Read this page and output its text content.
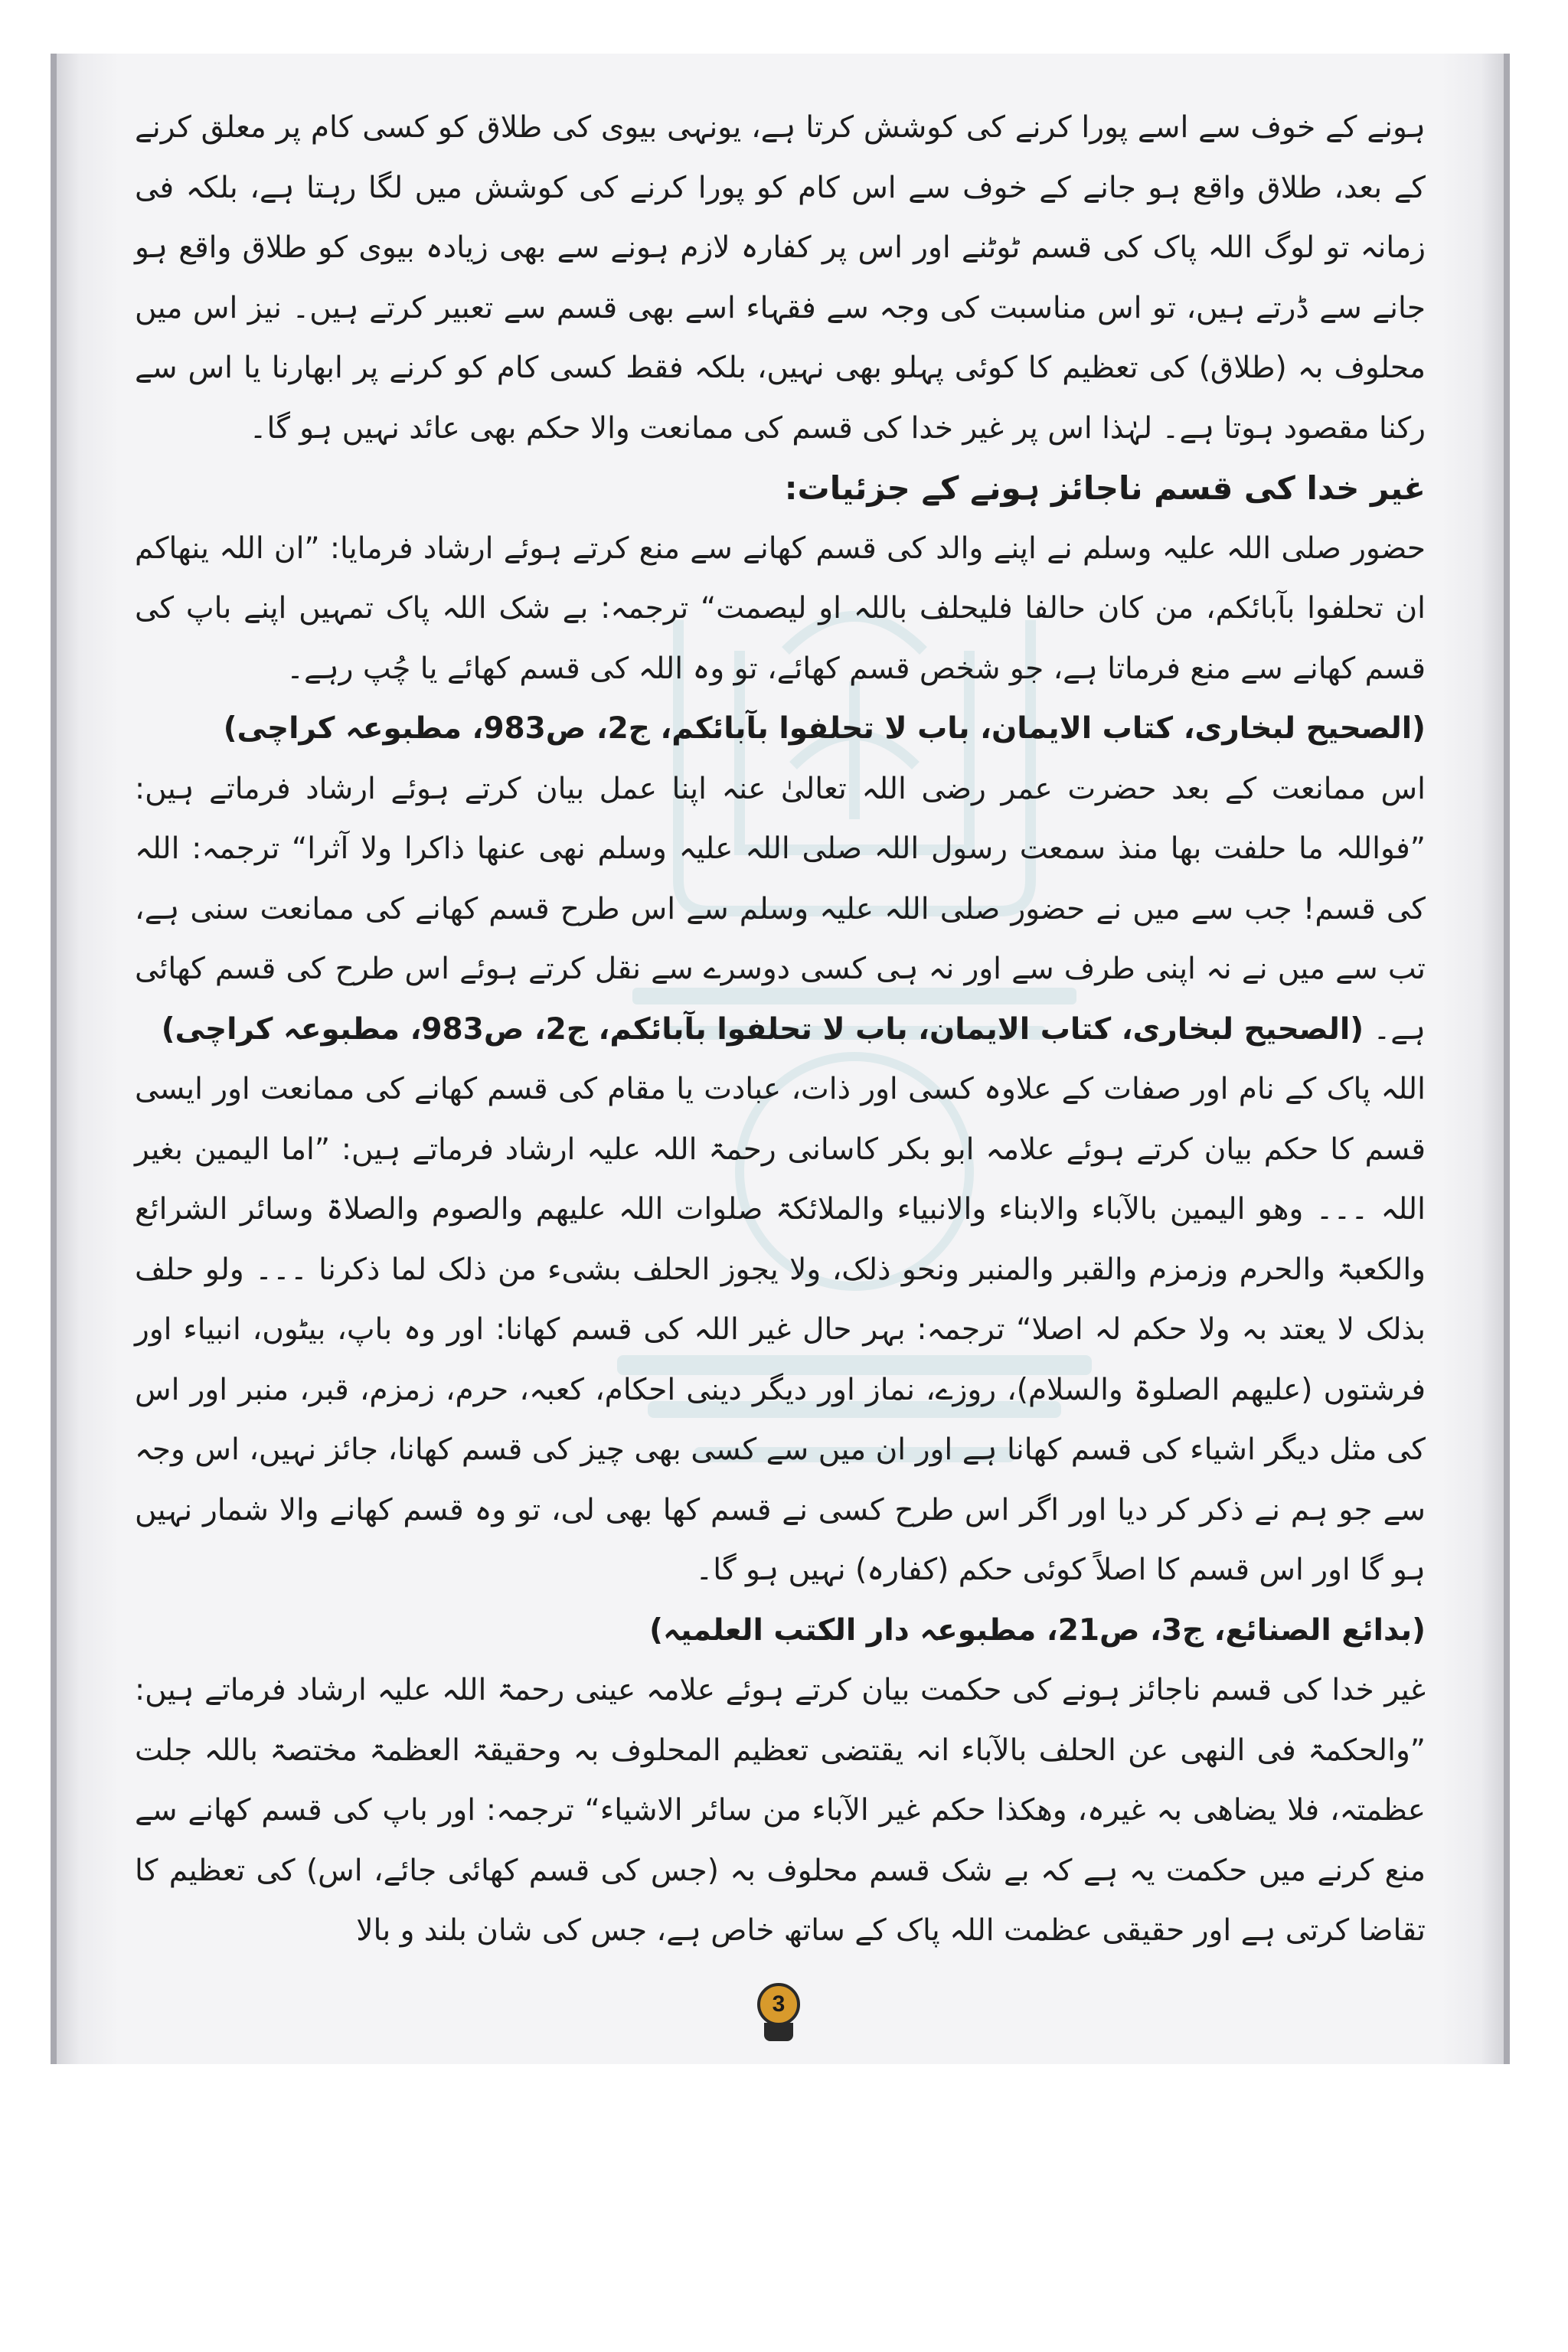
ہونے کے خوف سے اسے پورا کرنے کی کوشش کرتا ہے، یونہی بیوی کی طلاق کو کسی کام پر معلق کرنے کے بعد، طلاق واقع ہو جانے کے خوف سے اس کام کو پورا کرنے کی کوشش میں لگا رہتا ہے، بلکہ فی زمانہ تو لوگ اللہ پاک کی قسم ٹوٹنے اور اس پر کفارہ لازم ہونے سے بھی زیادہ بیوی کو طلاق واقع ہو جانے سے ڈرتے ہیں، تو اس مناسبت کی وجہ سے فقہاء اسے بھی قسم سے تعبیر کرتے ہیں۔ نیز اس میں محلوف بہ (طلاق) کی تعظیم کا کوئی پہلو بھی نہیں، بلکہ فقط کسی کام کو کرنے پر ابھارنا یا اس سے رکنا مقصود ہوتا ہے۔ لہٰذا اس پر غیر خدا کی قسم کی ممانعت والا حکم بھی عائد نہیں ہو گا۔

غیر خدا کی قسم ناجائز ہونے کے جزئیات:

حضور صلی اللہ علیہ وسلم نے اپنے والد کی قسم کھانے سے منع کرتے ہوئے ارشاد فرمایا: ”ان اللہ ینھاکم ان تحلفوا بآبائکم، من کان حالفا فلیحلف باللہ او لیصمت“ ترجمہ: بے شک اللہ پاک تمہیں اپنے باپ کی قسم کھانے سے منع فرماتا ہے، جو شخص قسم کھائے، تو وہ اللہ کی قسم کھائے یا چُپ رہے۔

(الصحیح لبخاری، کتاب الایمان، باب لا تحلفوا بآبائکم، ج2، ص983، مطبوعہ کراچی)

اس ممانعت کے بعد حضرت عمر رضی اللہ تعالیٰ عنہ اپنا عمل بیان کرتے ہوئے ارشاد فرماتے ہیں: ”فواللہ ما حلفت بھا منذ سمعت رسول اللہ صلی اللہ علیہ وسلم نھی عنھا ذاکرا ولا آثرا“ ترجمہ: اللہ کی قسم! جب سے میں نے حضور صلی اللہ علیہ وسلم سے اس طرح قسم کھانے کی ممانعت سنی ہے، تب سے میں نے نہ اپنی طرف سے اور نہ ہی کسی دوسرے سے نقل کرتے ہوئے اس طرح کی قسم کھائی ہے۔ (الصحیح لبخاری، کتاب الایمان، باب لا تحلفوا بآبائکم، ج2، ص983، مطبوعہ کراچی)

اللہ پاک کے نام اور صفات کے علاوہ کسی اور ذات، عبادت یا مقام کی قسم کھانے کی ممانعت اور ایسی قسم کا حکم بیان کرتے ہوئے علامہ ابو بکر کاسانی رحمۃ اللہ علیہ ارشاد فرماتے ہیں: ”اما الیمین بغیر اللہ ۔۔۔ وھو الیمین بالآباء والابناء والانبیاء والملائکۃ صلوات اللہ علیھم والصوم والصلاۃ وسائر الشرائع والکعبۃ والحرم وزمزم والقبر والمنبر ونحو ذلک، ولا یجوز الحلف بشیء من ذلک لما ذکرنا ۔۔۔ ولو حلف بذلک لا یعتد بہ ولا حکم لہ اصلا“ ترجمہ: بہر حال غیر اللہ کی قسم کھانا: اور وہ باپ، بیٹوں، انبیاء اور فرشتوں (علیھم الصلوۃ والسلام)، روزے، نماز اور دیگر دینی احکام، کعبہ، حرم، زمزم، قبر، منبر اور اس کی مثل دیگر اشیاء کی قسم کھانا ہے اور ان میں سے کسی بھی چیز کی قسم کھانا، جائز نہیں، اس وجہ سے جو ہم نے ذکر کر دیا اور اگر اس طرح کسی نے قسم کھا بھی لی، تو وہ قسم کھانے والا شمار نہیں ہو گا اور اس قسم کا اصلاً کوئی حکم (کفارہ) نہیں ہو گا۔

(بدائع الصنائع، ج3، ص21، مطبوعہ دار الکتب العلمیہ)

غیر خدا کی قسم ناجائز ہونے کی حکمت بیان کرتے ہوئے علامہ عینی رحمۃ اللہ علیہ ارشاد فرماتے ہیں: ”والحکمۃ فی النھی عن الحلف بالآباء انہ یقتضی تعظیم المحلوف بہ وحقیقۃ العظمۃ مختصۃ باللہ جلت عظمتہ، فلا یضاھی بہ غیرہ، وھکذا حکم غیر الآباء من سائر الاشیاء“ ترجمہ: اور باپ کی قسم کھانے سے منع کرنے میں حکمت یہ ہے کہ بے شک قسم محلوف بہ (جس کی قسم کھائی جائے، اس) کی تعظیم کا تقاضا کرتی ہے اور حقیقی عظمت اللہ پاک کے ساتھ خاص ہے، جس کی شان بلند و بالا

3
